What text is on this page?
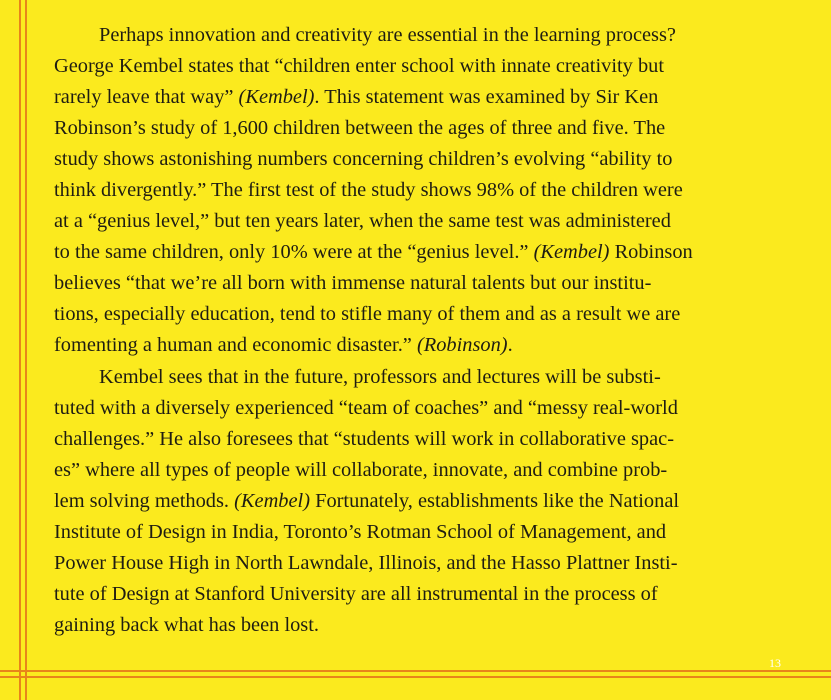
Perhaps innovation and creativity are essential in the learning process?
George Kembel states that “children enter school with innate creativity but
rarely leave that way” (Kembel). This statement was examined by Sir Ken
Robinson’s study of 1,600 children between the ages of three and five. The
study shows astonishing numbers concerning children’s evolving “ability to
think divergently.” The first test of the study shows 98% of the children were
at a “genius level,” but ten years later, when the same test was administered
to the same children, only 10% were at the “genius level.” (Kembel) Robinson
believes “that we’re all born with immense natural talents but our institu-
tions, especially education, tend to stifle many of them and as a result we are
fomenting a human and economic disaster.” (Robinson).
Kembel sees that in the future, professors and lectures will be substi-
tuted with a diversely experienced “team of coaches” and “messy real-world
challenges.” He also foresees that “students will work in collaborative spac-
es” where all types of people will collaborate, innovate, and combine prob-
lem solving methods. (Kembel) Fortunately, establishments like the National
Institute of Design in India, Toronto’s Rotman School of Management, and
Power House High in North Lawndale, Illinois, and the Hasso Plattner Insti-
tute of Design at Stanford University are all instrumental in the process of
gaining back what has been lost.
13
